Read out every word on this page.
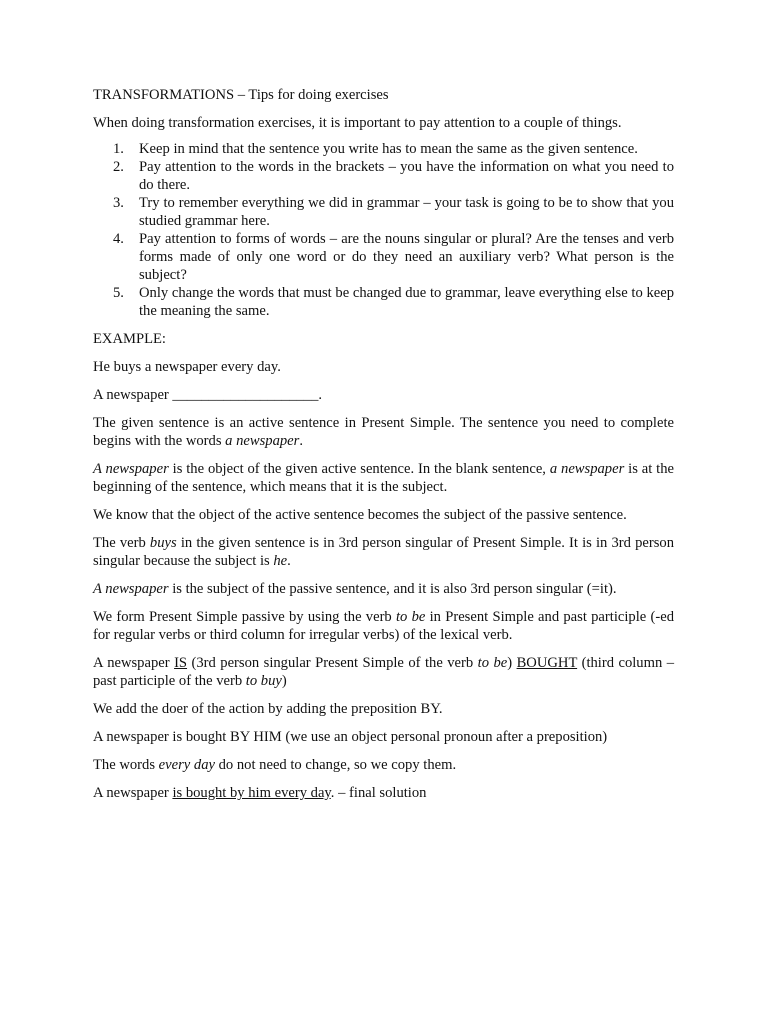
TRANSFORMATIONS – Tips for doing exercises

When doing transformation exercises, it is important to pay attention to a couple of things.

1. Keep in mind that the sentence you write has to mean the same as the given sentence.
2. Pay attention to the words in the brackets – you have the information on what you need to do there.
3. Try to remember everything we did in grammar – your task is going to be to show that you studied grammar here.
4. Pay attention to forms of words – are the nouns singular or plural? Are the tenses and verb forms made of only one word or do they need an auxiliary verb? What person is the subject?
5. Only change the words that must be changed due to grammar, leave everything else to keep the meaning the same.

EXAMPLE:

He buys a newspaper every day.

A newspaper ____________________.

The given sentence is an active sentence in Present Simple. The sentence you need to complete begins with the words a newspaper.

A newspaper is the object of the given active sentence. In the blank sentence, a newspaper is at the beginning of the sentence, which means that it is the subject.

We know that the object of the active sentence becomes the subject of the passive sentence.

The verb buys in the given sentence is in 3rd person singular of Present Simple. It is in 3rd person singular because the subject is he.

A newspaper is the subject of the passive sentence, and it is also 3rd person singular (=it).

We form Present Simple passive by using the verb to be in Present Simple and past participle (-ed for regular verbs or third column for irregular verbs) of the lexical verb.

A newspaper IS (3rd person singular Present Simple of the verb to be) BOUGHT (third column – past participle of the verb to buy)

We add the doer of the action by adding the preposition BY.

A newspaper is bought BY HIM (we use an object personal pronoun after a preposition)

The words every day do not need to change, so we copy them.

A newspaper is bought by him every day. – final solution
